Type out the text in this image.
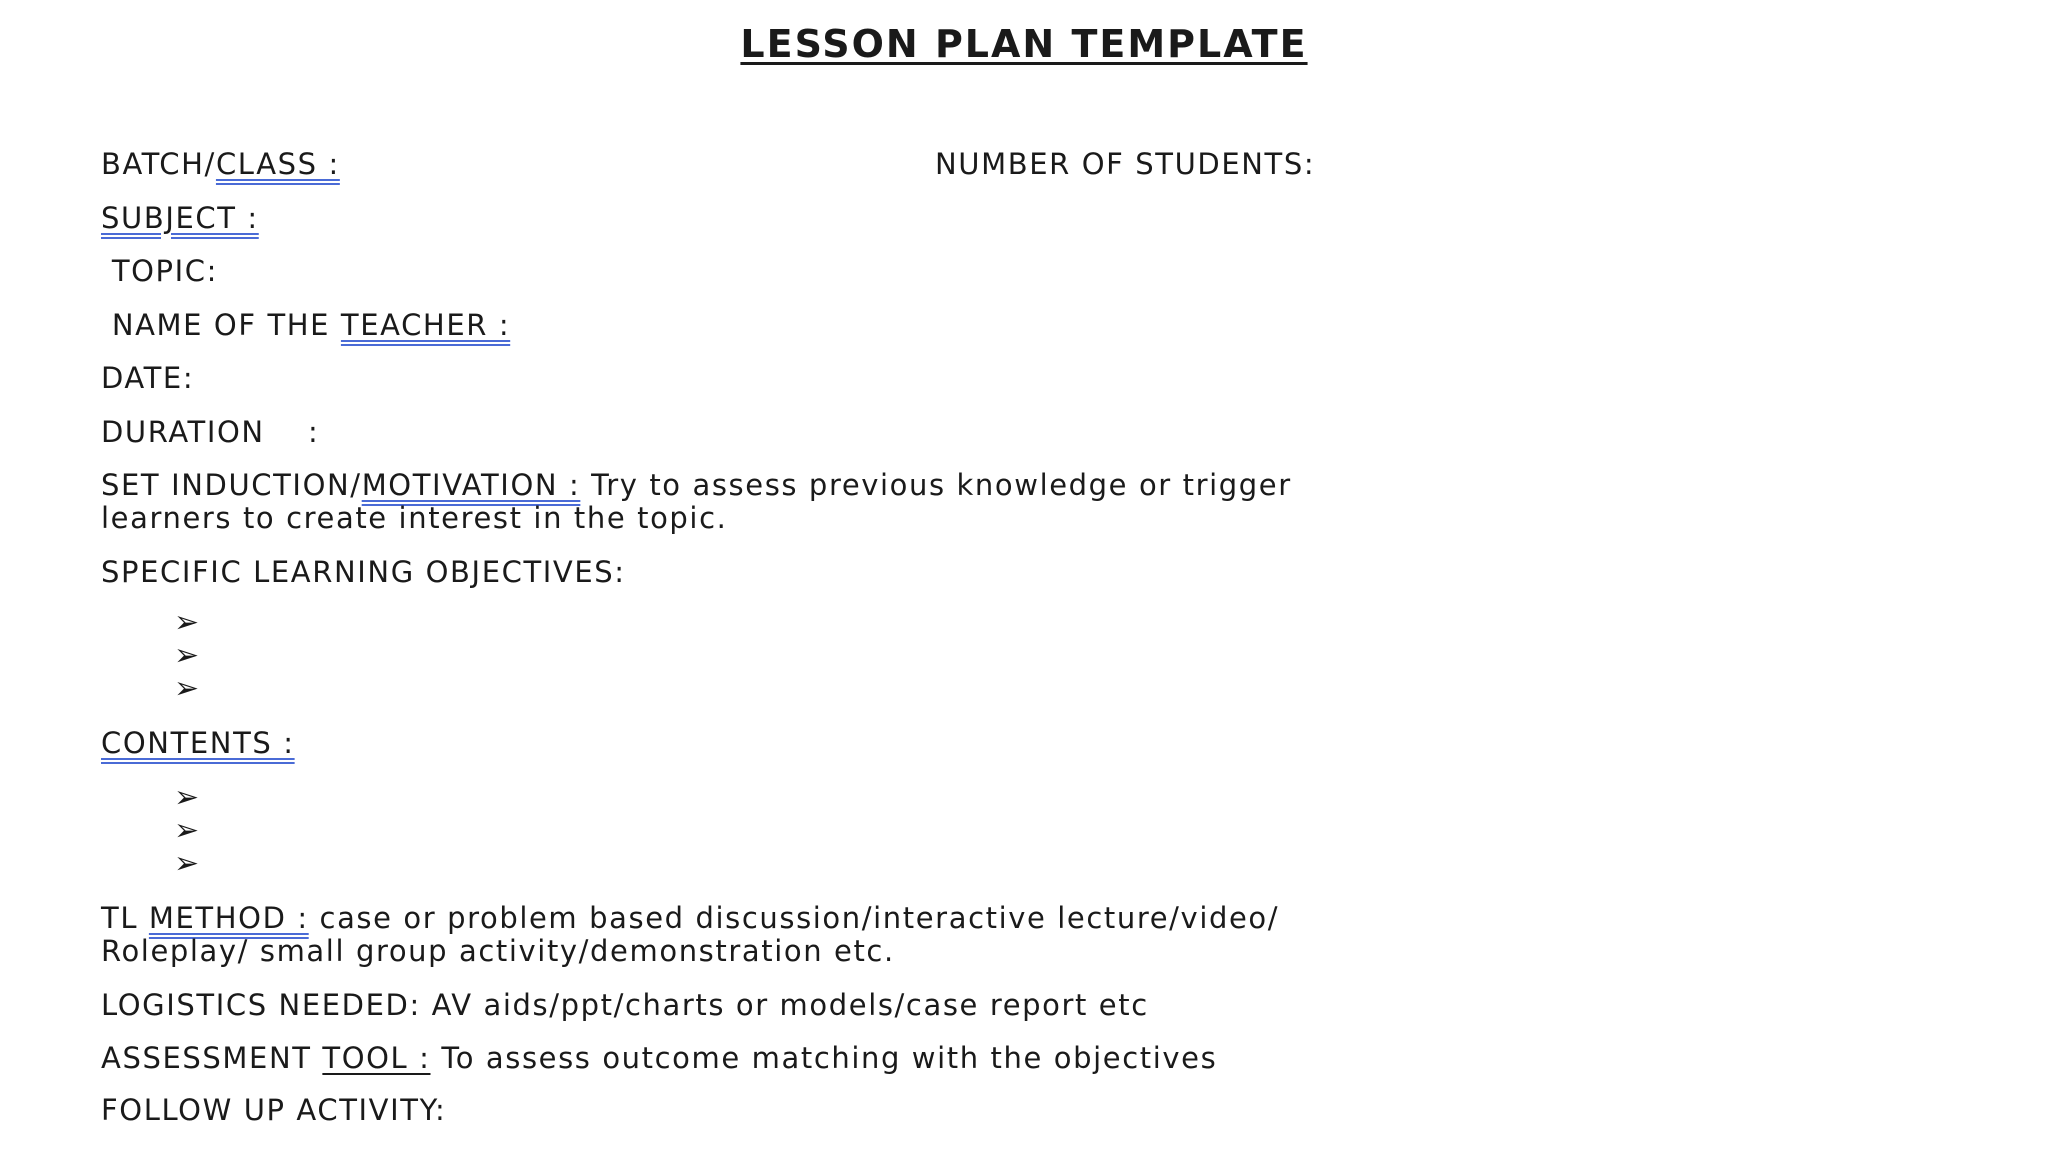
LESSON PLAN TEMPLATE
BATCH/CLASS :	NUMBER OF STUDENTS:
SUBJECT :
TOPIC:
NAME OF THE TEACHER :
DATE:
DURATION    :
SET INDUCTION/MOTIVATION : Try to assess previous knowledge or trigger
learners to create interest in the topic.
SPECIFIC LEARNING OBJECTIVES:
➢
➢
➢
CONTENTS :
➢
➢
➢
TL METHOD : case or problem based discussion/interactive lecture/video/
Roleplay/ small group activity/demonstration etc.
LOGISTICS NEEDED: AV aids/ppt/charts or models/case report etc
ASSESSMENT TOOL : To assess outcome matching with the objectives
FOLLOW UP ACTIVITY:
